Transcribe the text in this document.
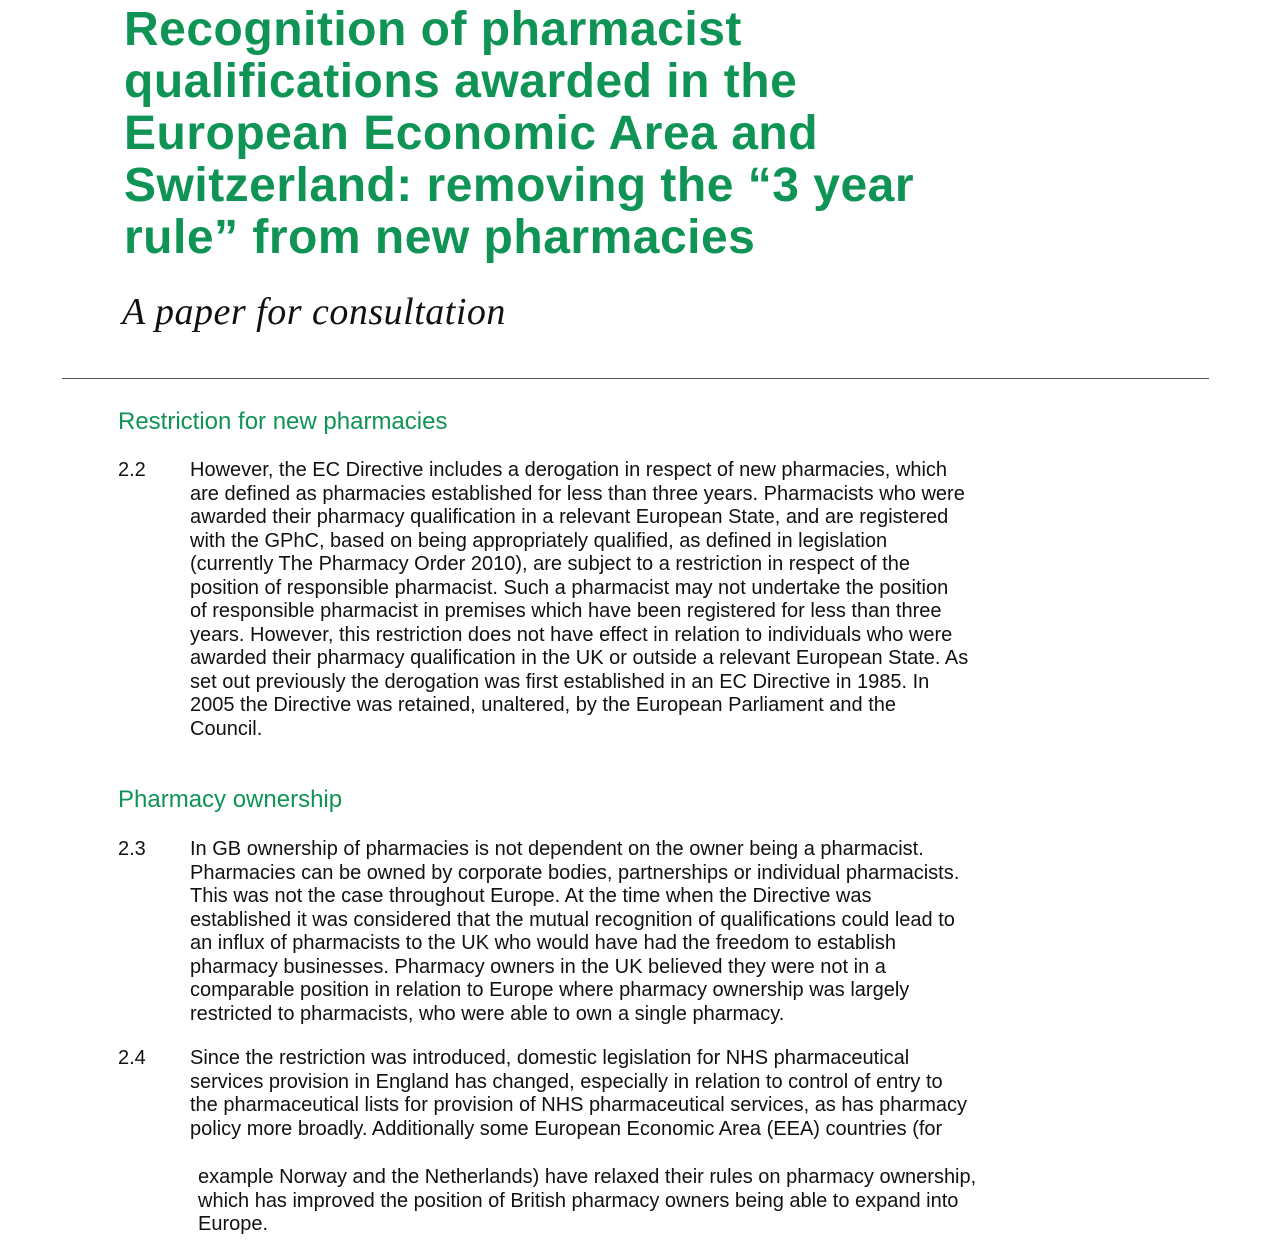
Recognition of pharmacist
qualifications awarded in the
European Economic Area and
Switzerland: removing the “3 year
rule” from new pharmacies

A paper for consultation

Restriction for new pharmacies
2.2 However, the EC Directive includes a derogation in respect of new pharmacies, which
are defined as pharmacies established for less than three years. Pharmacists who were
awarded their pharmacy qualification in a relevant European State, and are registered
with the GPhC, based on being appropriately qualified, as defined in legislation
(currently The Pharmacy Order 2010), are subject to a restriction in respect of the
position of responsible pharmacist. Such a pharmacist may not undertake the position
of responsible pharmacist in premises which have been registered for less than three
years. However, this restriction does not have effect in relation to individuals who were
awarded their pharmacy qualification in the UK or outside a relevant European State. As
set out previously the derogation was first established in an EC Directive in 1985. In
2005 the Directive was retained, unaltered, by the European Parliament and the
Council.
Pharmacy ownership
2.3 In GB ownership of pharmacies is not dependent on the owner being a pharmacist.
Pharmacies can be owned by corporate bodies, partnerships or individual pharmacists.
This was not the case throughout Europe. At the time when the Directive was
established it was considered that the mutual recognition of qualifications could lead to
an influx of pharmacists to the UK who would have had the freedom to establish
pharmacy businesses. Pharmacy owners in the UK believed they were not in a
comparable position in relation to Europe where pharmacy ownership was largely
restricted to pharmacists, who were able to own a single pharmacy.
2.4 Since the restriction was introduced, domestic legislation for NHS pharmaceutical
services provision in England has changed, especially in relation to control of entry to
the pharmaceutical lists for provision of NHS pharmaceutical services, as has pharmacy
policy more broadly. Additionally some European Economic Area (EEA) countries (for
example Norway and the Netherlands) have relaxed their rules on pharmacy ownership,
which has improved the position of British pharmacy owners being able to expand into
Europe.
